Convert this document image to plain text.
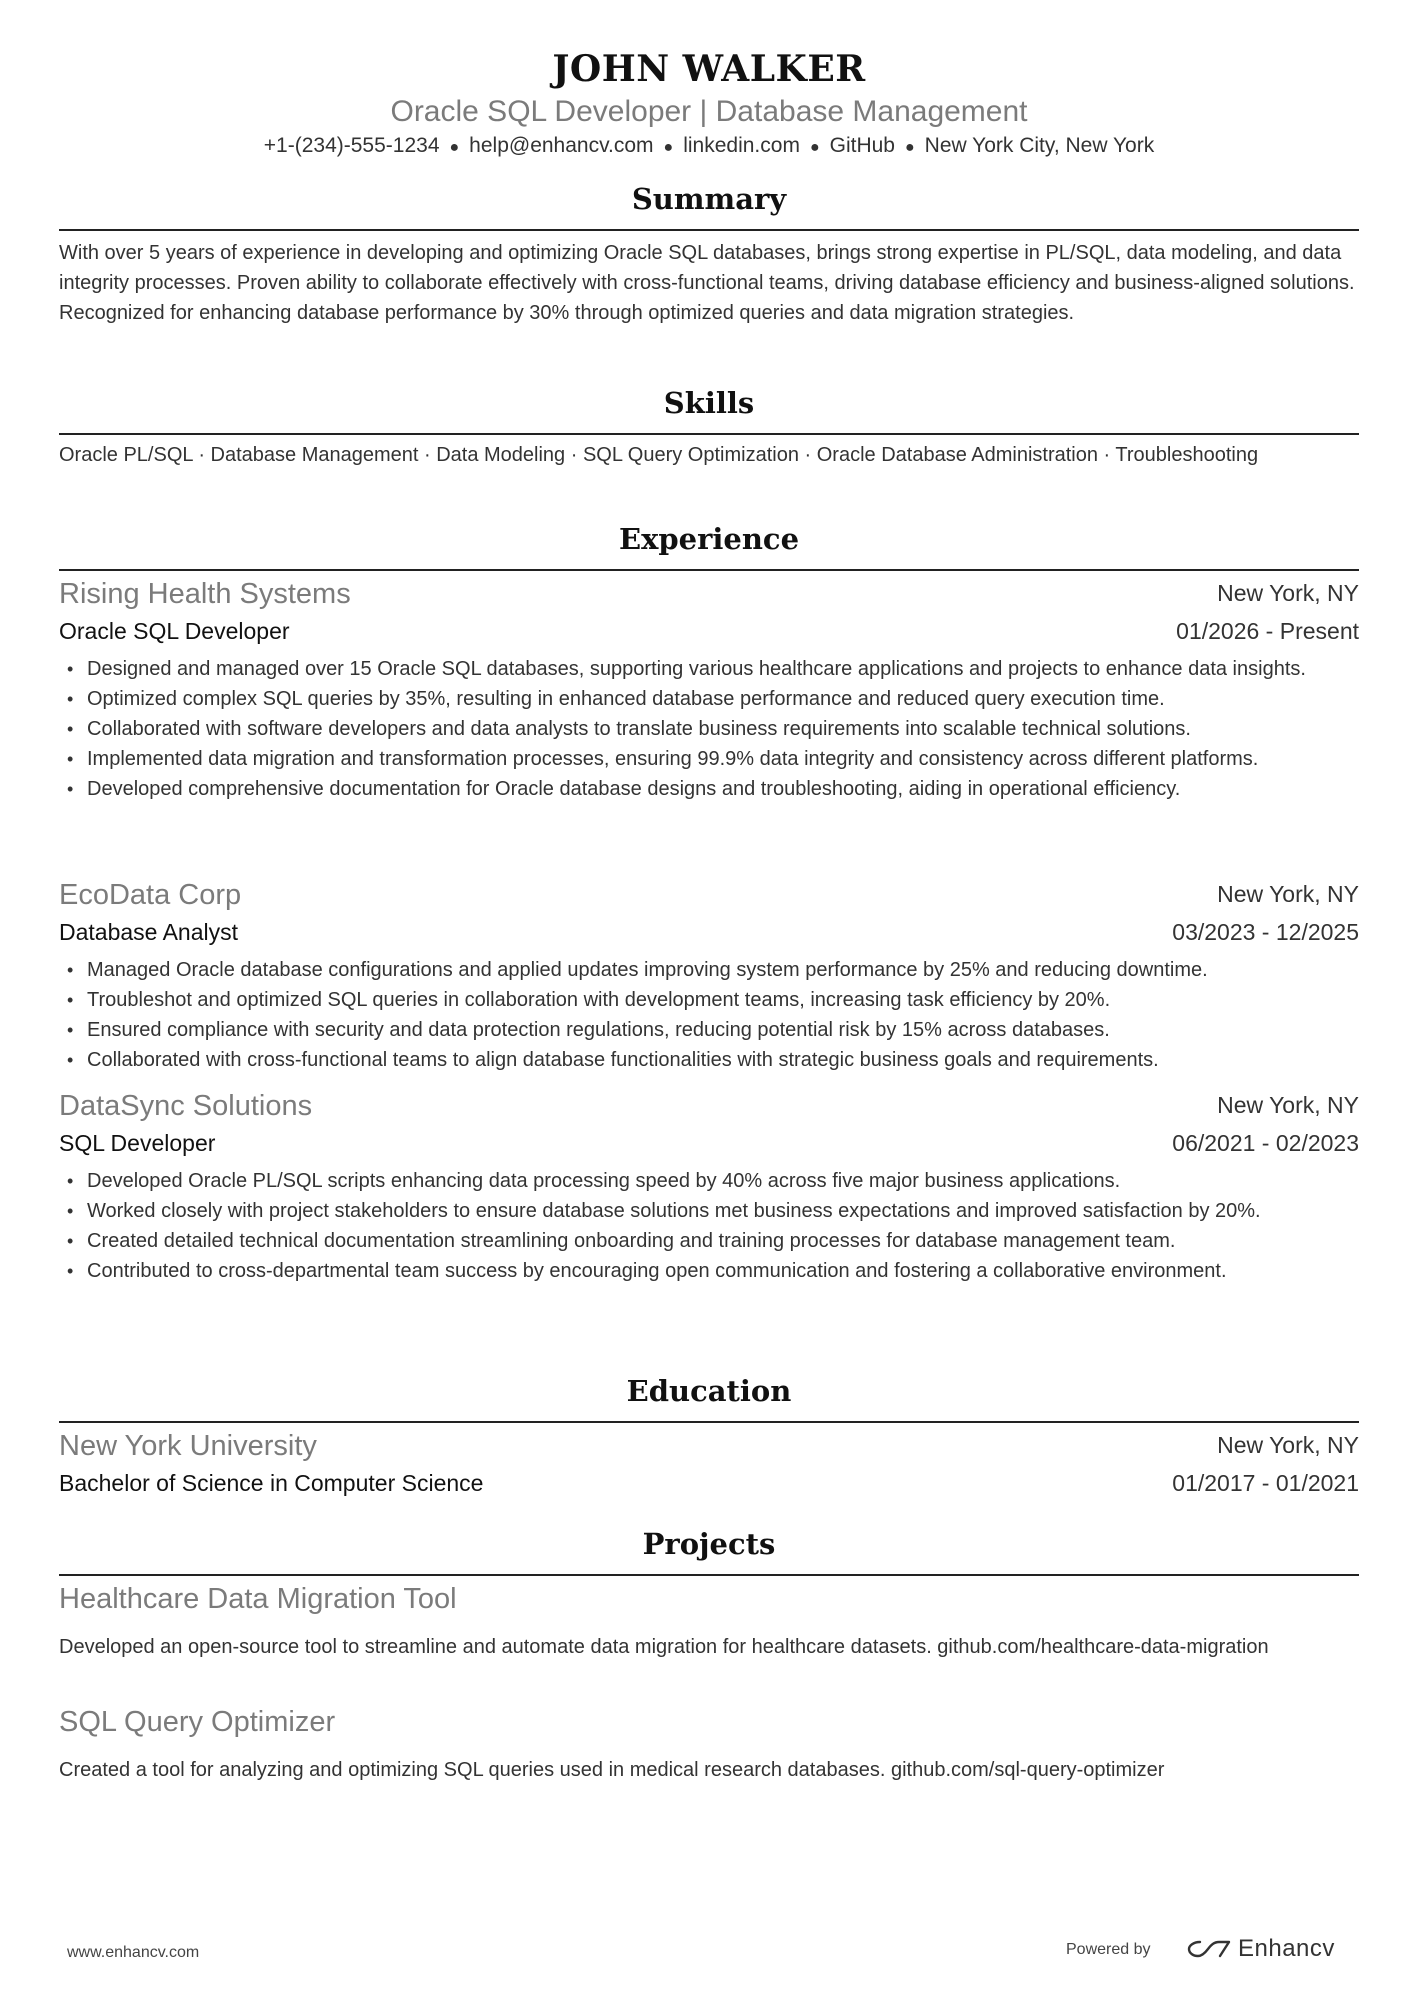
JOHN WALKER
Oracle SQL Developer | Database Management
+1-(234)-555-1234 ● help@enhancv.com ● linkedin.com ● GitHub ● New York City, New York
Summary
With over 5 years of experience in developing and optimizing Oracle SQL databases, brings strong expertise in PL/SQL, data modeling, and data integrity processes. Proven ability to collaborate effectively with cross-functional teams, driving database efficiency and business-aligned solutions. Recognized for enhancing database performance by 30% through optimized queries and data migration strategies.
Skills
Oracle PL/SQL · Database Management · Data Modeling · SQL Query Optimization · Oracle Database Administration · Troubleshooting
Experience
Rising Health Systems	New York, NY
Oracle SQL Developer	01/2026 - Present
• Designed and managed over 15 Oracle SQL databases, supporting various healthcare applications and projects to enhance data insights.
• Optimized complex SQL queries by 35%, resulting in enhanced database performance and reduced query execution time.
• Collaborated with software developers and data analysts to translate business requirements into scalable technical solutions.
• Implemented data migration and transformation processes, ensuring 99.9% data integrity and consistency across different platforms.
• Developed comprehensive documentation for Oracle database designs and troubleshooting, aiding in operational efficiency.
EcoData Corp	New York, NY
Database Analyst	03/2023 - 12/2025
• Managed Oracle database configurations and applied updates improving system performance by 25% and reducing downtime.
• Troubleshot and optimized SQL queries in collaboration with development teams, increasing task efficiency by 20%.
• Ensured compliance with security and data protection regulations, reducing potential risk by 15% across databases.
• Collaborated with cross-functional teams to align database functionalities with strategic business goals and requirements.
DataSync Solutions	New York, NY
SQL Developer	06/2021 - 02/2023
• Developed Oracle PL/SQL scripts enhancing data processing speed by 40% across five major business applications.
• Worked closely with project stakeholders to ensure database solutions met business expectations and improved satisfaction by 20%.
• Created detailed technical documentation streamlining onboarding and training processes for database management team.
• Contributed to cross-departmental team success by encouraging open communication and fostering a collaborative environment.
Education
New York University	New York, NY
Bachelor of Science in Computer Science	01/2017 - 01/2021
Projects
Healthcare Data Migration Tool
Developed an open-source tool to streamline and automate data migration for healthcare datasets. github.com/healthcare-data-migration
SQL Query Optimizer
Created a tool for analyzing and optimizing SQL queries used in medical research databases. github.com/sql-query-optimizer
www.enhancv.com	Powered by	Enhancv
